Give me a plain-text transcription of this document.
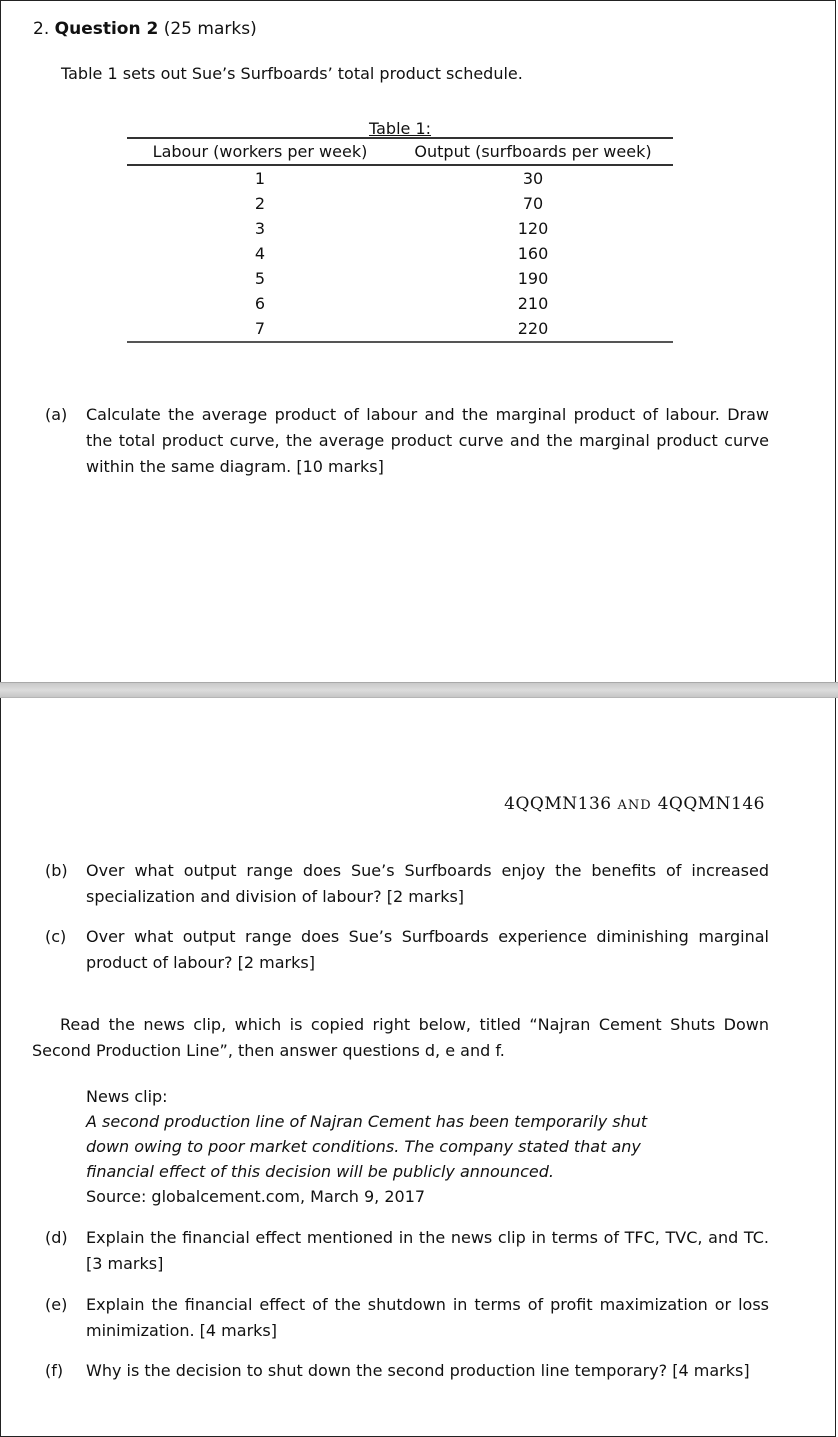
2. Question 2 (25 marks)
Table 1 sets out Sue’s Surfboards’ total product schedule.
Table 1:
Labour (workers per week)	Output (surfboards per week)
1	30
2	70
3	120
4	160
5	190
6	210
7	220
(a) Calculate the average product of labour and the marginal product of labour. Draw the total product curve, the average product curve and the marginal product curve within the same diagram. [10 marks]
4QQMN136 AND 4QQMN146
(b) Over what output range does Sue’s Surfboards enjoy the benefits of increased specialization and division of labour? [2 marks]
(c) Over what output range does Sue’s Surfboards experience diminishing marginal product of labour? [2 marks]
Read the news clip, which is copied right below, titled “Najran Cement Shuts Down Second Production Line”, then answer questions d, e and f.
News clip:
A second production line of Najran Cement has been temporarily shut
down owing to poor market conditions. The company stated that any
financial effect of this decision will be publicly announced.
Source: globalcement.com, March 9, 2017
(d) Explain the financial effect mentioned in the news clip in terms of TFC, TVC, and TC. [3 marks]
(e) Explain the financial effect of the shutdown in terms of profit maximization or loss minimization. [4 marks]
(f) Why is the decision to shut down the second production line temporary? [4 marks]
